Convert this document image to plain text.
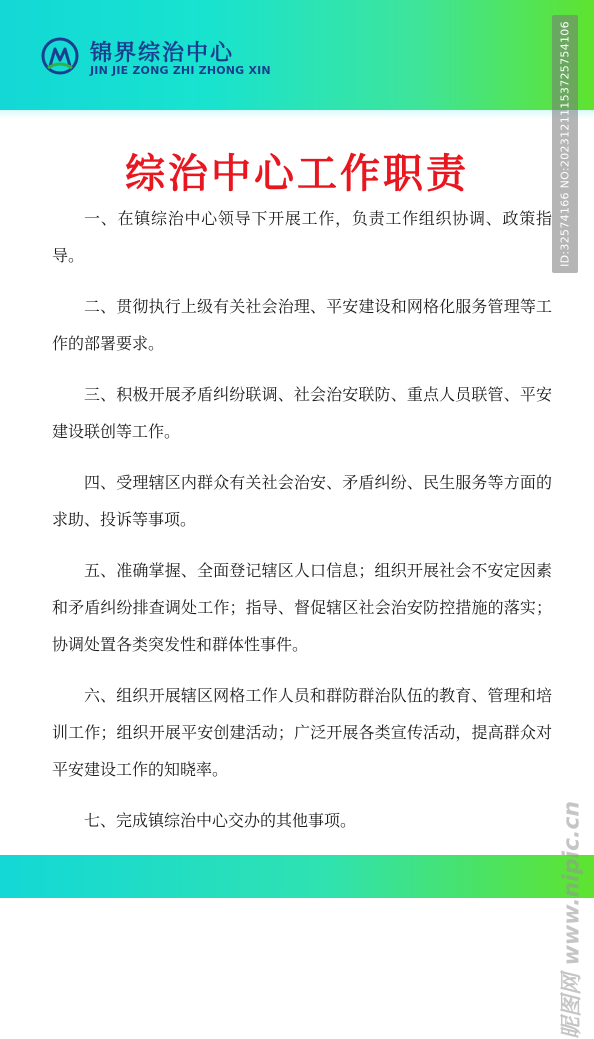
锦界综治中心
JIN JIE ZONG ZHI ZHONG XIN
综治中心工作职责

一、在镇综治中心领导下开展工作，负责工作组织协调、政策指导。

二、贯彻执行上级有关社会治理、平安建设和网格化服务管理等工作的部署要求。

三、积极开展矛盾纠纷联调、社会治安联防、重点人员联管、平安建设联创等工作。

四、受理辖区内群众有关社会治安、矛盾纠纷、民生服务等方面的求助、投诉等事项。

五、准确掌握、全面登记辖区人口信息；组织开展社会不安定因素和矛盾纠纷排查调处工作；指导、督促辖区社会治安防控措施的落实；协调处置各类突发性和群体性事件。

六、组织开展辖区网格工作人员和群防群治队伍的教育、管理和培训工作；组织开展平安创建活动；广泛开展各类宣传活动，提高群众对平安建设工作的知晓率。

七、完成镇综治中心交办的其他事项。

ID:32574166 NO:20231211153725754106
昵图网 www.nipic.cn
